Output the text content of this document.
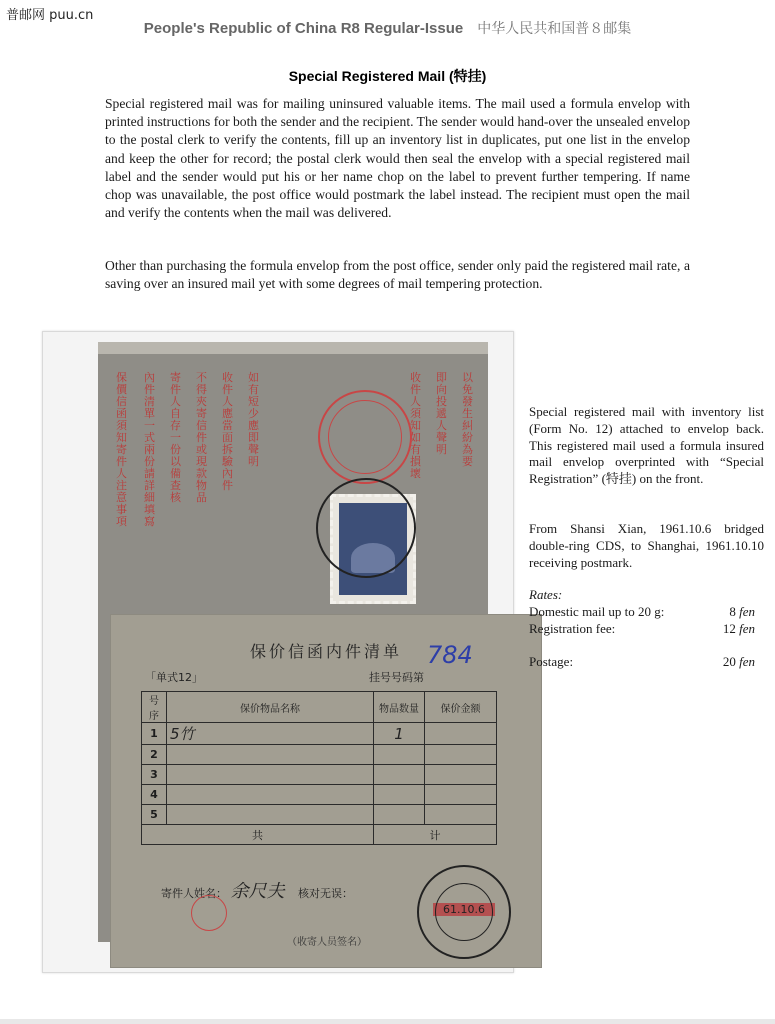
普邮网 puu.cn
People's Republic of China R8 Regular-Issue 中华人民共和国普８邮集
Special Registered Mail (特挂)

Special registered mail was for mailing uninsured valuable items. The mail used a formula envelop with printed instructions for both the sender and the recipient. The sender would hand-over the unsealed envelop to the postal clerk to verify the contents, fill up an inventory list in duplicates, put one list in the envelop and keep the other for record; the postal clerk would then seal the envelop with a special registered mail label and the sender would put his or her name chop on the label to prevent further tempering. If name chop was unavailable, the post office would postmark the label instead. The recipient must open the mail and verify the contents when the mail was delivered.

Other than purchasing the formula envelop from the post office, sender only paid the registered mail rate, a saving over an insured mail yet with some degrees of mail tempering protection.

保價信函須知寄件人注意事項
內件清單一式兩份請詳細填寫
寄件人自存一份以備查核
不得夾寄信件或現款物品
收件人應當面拆驗內件
如有短少應即聲明
收件人須知如有損壞
即向投遞人聲明
以免發生糾紛為要
保价信函内件清单
「单式12」	挂号号码第
784
号序	保价物品名称	物品数量	保价金额
1	5竹	1	
2			
3			
4			
5			
共		计	
寄件人姓名： 余尺夫 核对无误：
（收寄人员签名）
61.10.6

Special registered mail with inventory list (Form No. 12) attached to envelop back. This registered mail used a formula insured mail envelop overprinted with “Special Registration” (特挂) on the front.

From Shansi Xian, 1961.10.6 bridged double-ring CDS, to Shanghai, 1961.10.10 receiving postmark.

Rates:
Domestic mail up to 20 g:	8 fen
Registration fee:	12 fen
Postage:	20 fen
